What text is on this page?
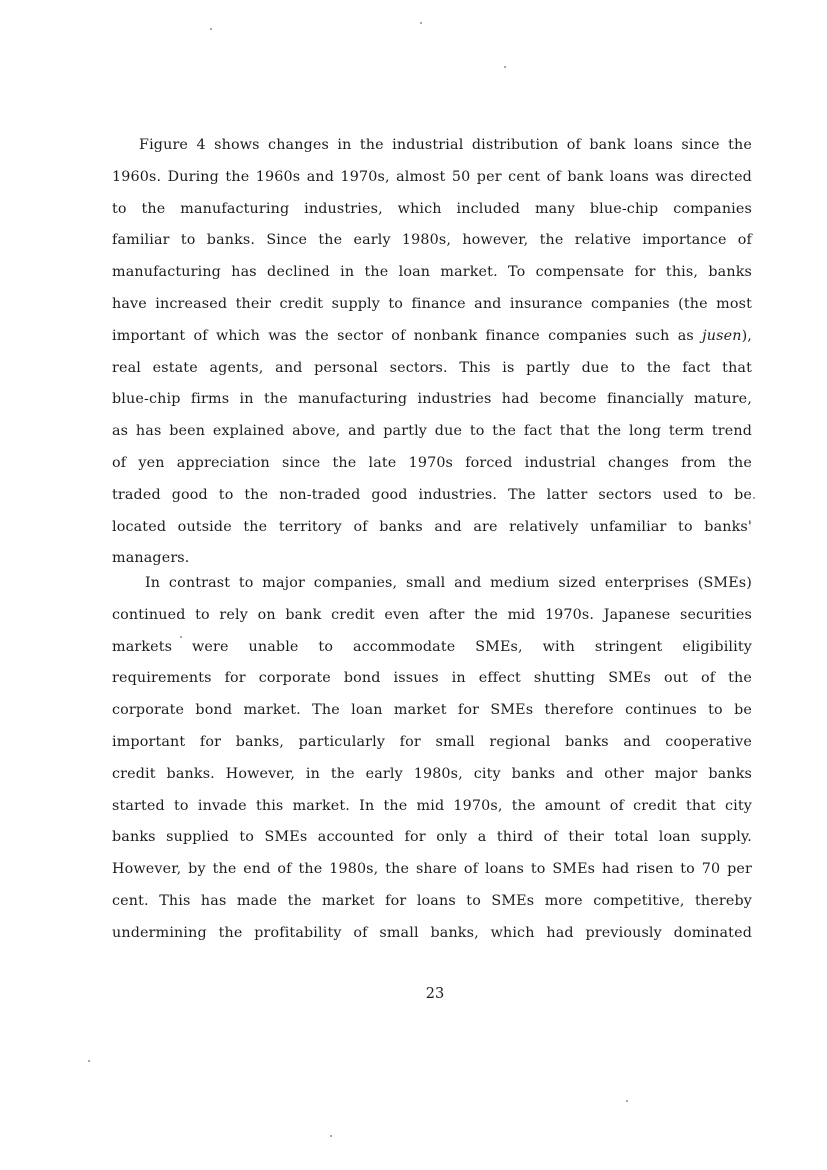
Figure 4 shows changes in the industrial distribution of bank loans since the
1960s. During the 1960s and 1970s, almost 50 per cent of bank loans was directed
to the manufacturing industries, which included many blue-chip companies
familiar to banks. Since the early 1980s, however, the relative importance of
manufacturing has declined in the loan market. To compensate for this, banks
have increased their credit supply to finance and insurance companies (the most
important of which was the sector of nonbank finance companies such as jusen),
real estate agents, and personal sectors. This is partly due to the fact that
blue-chip firms in the manufacturing industries had become financially mature,
as has been explained above, and partly due to the fact that the long term trend
of yen appreciation since the late 1970s forced industrial changes from the
traded good to the non-traded good industries. The latter sectors used to be
located outside the territory of banks and are relatively unfamiliar to banks'
managers.
In contrast to major companies, small and medium sized enterprises (SMEs)
continued to rely on bank credit even after the mid 1970s. Japanese securities
markets were unable to accommodate SMEs, with stringent eligibility
requirements for corporate bond issues in effect shutting SMEs out of the
corporate bond market. The loan market for SMEs therefore continues to be
important for banks, particularly for small regional banks and cooperative
credit banks. However, in the early 1980s, city banks and other major banks
started to invade this market. In the mid 1970s, the amount of credit that city
banks supplied to SMEs accounted for only a third of their total loan supply.
However, by the end of the 1980s, the share of loans to SMEs had risen to 70 per
cent. This has made the market for loans to SMEs more competitive, thereby
undermining the profitability of small banks, which had previously dominated
23
